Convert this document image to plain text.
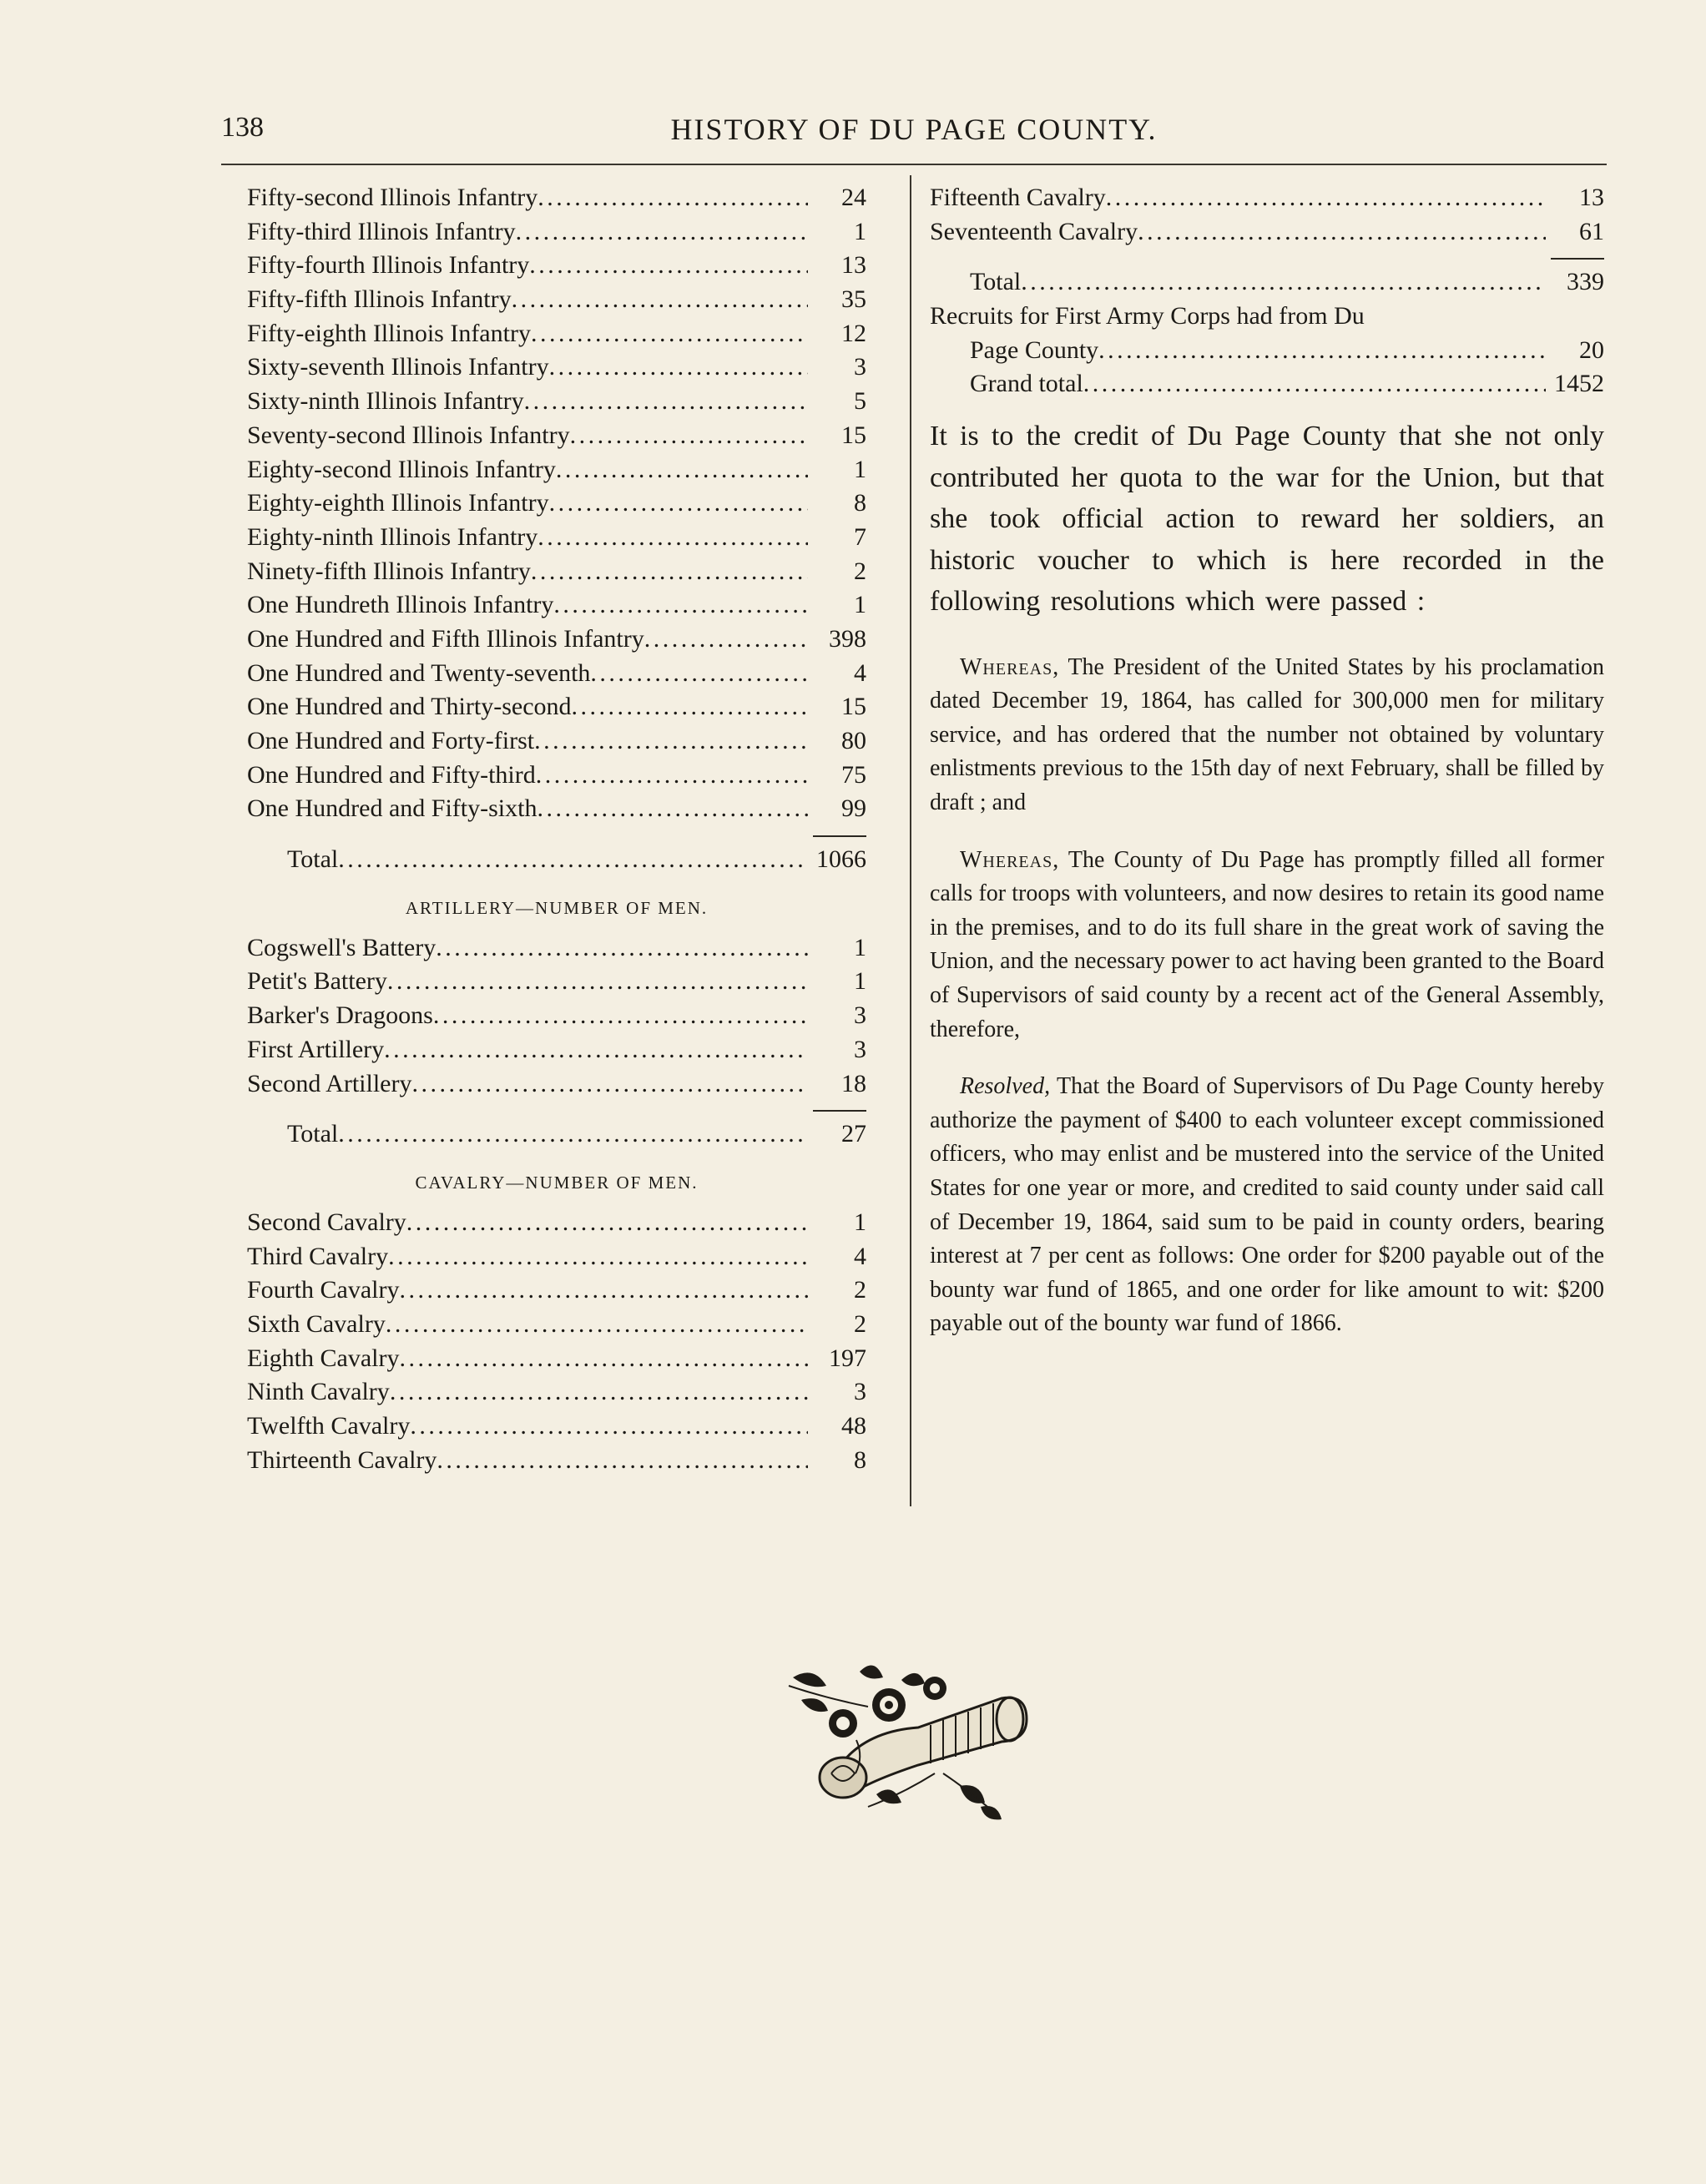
138	HISTORY OF DU PAGE COUNTY.
Fifty-second Illinois Infantry . . .	24
Fifty-third Illinois Infantry . . .	1
Fifty-fourth Illinois Infantry . . .	13
Fifty-fifth Illinois Infantry . . .	35
Fifty-eighth Illinois Infantry . . .	12
Sixty-seventh Illinois Infantry . . .	3
Sixty-ninth Illinois Infantry . . .	5
Seventy-second Illinois Infantry . . .	15
Eighty-second Illinois Infantry . . .	1
Eighty-eighth Illinois Infantry . . .	8
Eighty-ninth Illinois Infantry . . .	7
Ninety-fifth Illinois Infantry . . .	2
One Hundreth Illinois Infantry . . .	1
One Hundred and Fifth Illinois Infantry . . .	398
One Hundred and Twenty-seventh . . .	4
One Hundred and Thirty-second . . .	15
One Hundred and Forty-first . . .	80
One Hundred and Fifty-third . . .	75
One Hundred and Fifty-sixth . . .	99
Total . . .	1066
ARTILLERY—NUMBER OF MEN.
Cogswell's Battery . . .	1
Petit's Battery . . .	1
Barker's Dragoons . . .	3
First Artillery . . .	3
Second Artillery . . .	18
Total . . .	27
CAVALRY—NUMBER OF MEN.
Second Cavalry . . .	1
Third Cavalry . . .	4
Fourth Cavalry . . .	2
Sixth Cavalry . . .	2
Eighth Cavalry . . .	197
Ninth Cavalry . . .	3
Twelfth Cavalry . . .	48
Thirteenth Cavalry . . .	8
Fifteenth Cavalry . . .	13
Seventeenth Cavalry . . .	61
Total . . .	339
Recruits for First Army Corps had from Du
Page County . . .	20
Grand total . . .	1452

It is to the credit of Du Page County that she not only contributed her quota to the war for the Union, but that she took official action to reward her soldiers, an historic voucher to which is here recorded in the following resolutions which were passed :

Whereas, The President of the United States by his proclamation dated December 19, 1864, has called for 300,000 men for military service, and has ordered that the number not obtained by voluntary enlistments previous to the 15th day of next February, shall be filled by draft ; and

Whereas, The County of Du Page has promptly filled all former calls for troops with volunteers, and now desires to retain its good name in the premises, and to do its full share in the great work of saving the Union, and the necessary power to act having been granted to the Board of Supervisors of said county by a recent act of the General Assembly, therefore,

Resolved, That the Board of Supervisors of Du Page County hereby authorize the payment of $400 to each volunteer except commissioned officers, who may enlist and be mustered into the service of the United States for one year or more, and credited to said county under said call of December 19, 1864, said sum to be paid in county orders, bearing interest at 7 per cent as follows: One order for $200 payable out of the bounty war fund of 1865, and one order for like amount to wit: $200 payable out of the bounty war fund of 1866.
